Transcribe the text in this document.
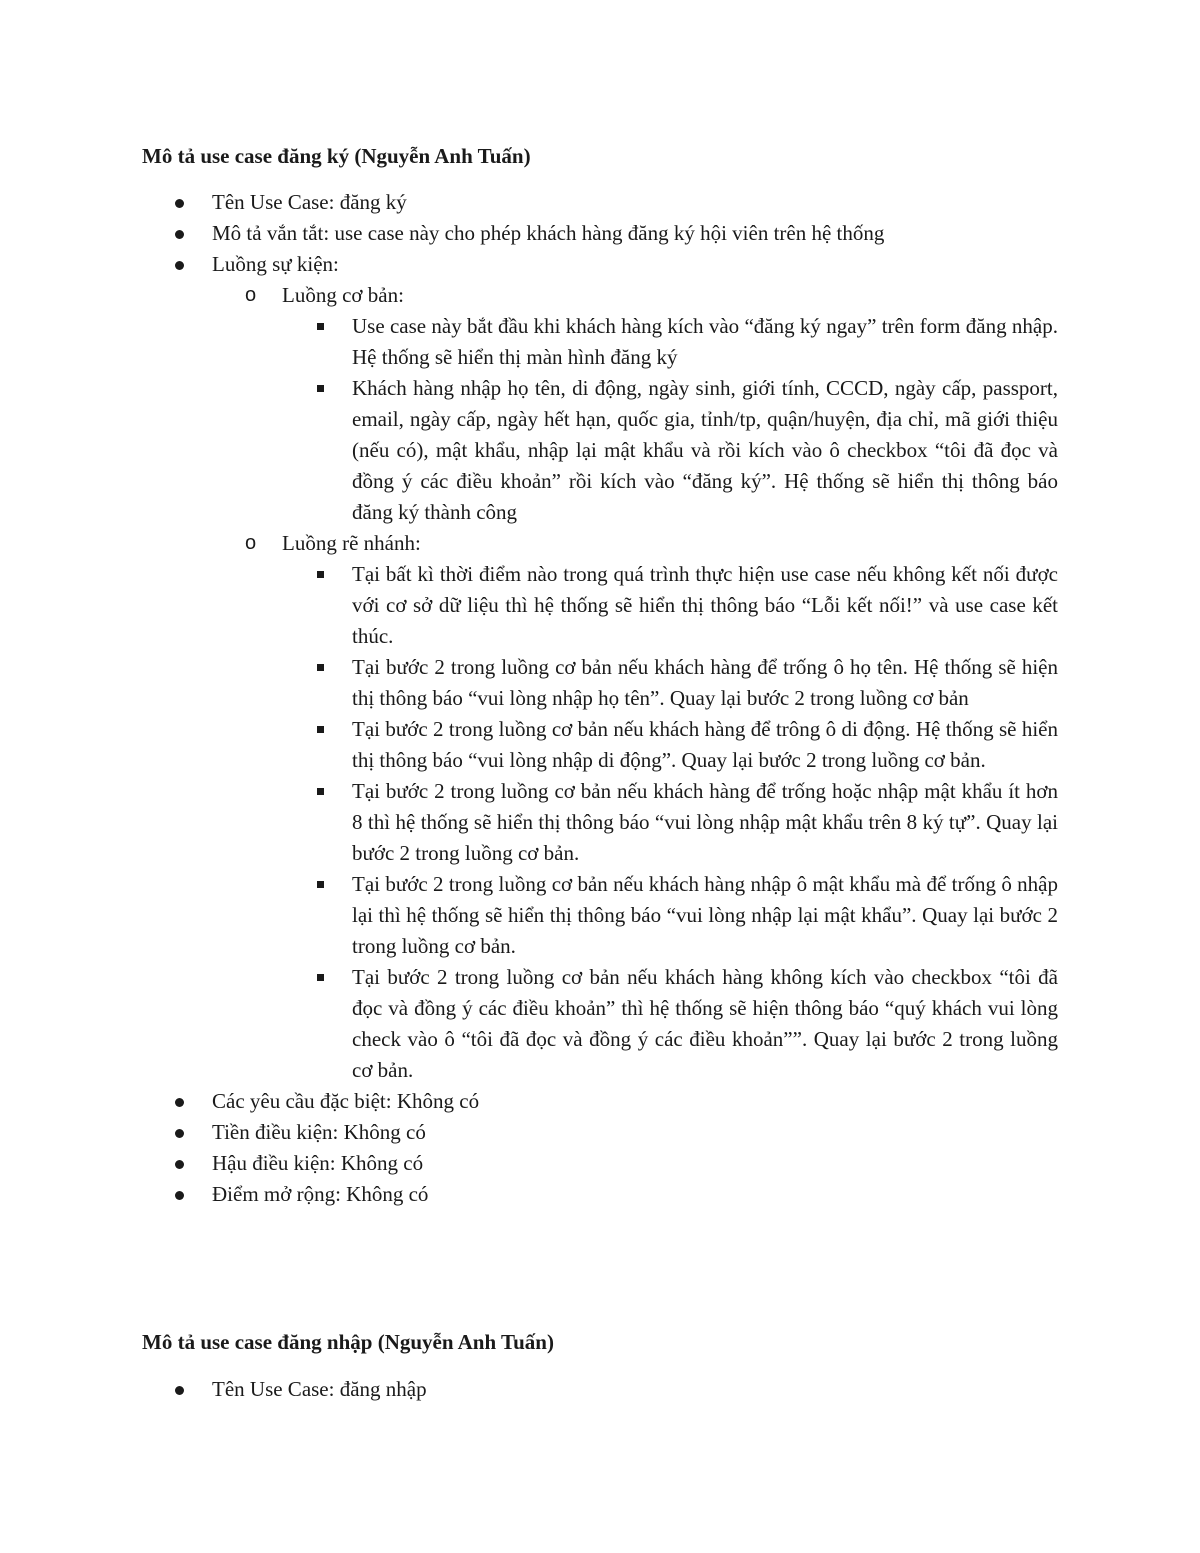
Mô tả use case đăng ký (Nguyễn Anh Tuấn)
Tên Use Case: đăng ký
Mô tả vắn tắt: use case này cho phép khách hàng đăng ký hội viên trên hệ thống
Luồng sự kiện:
o Luồng cơ bản:
Use case này bắt đầu khi khách hàng kích vào “đăng ký ngay” trên form đăng nhập. Hệ thống sẽ hiển thị màn hình đăng ký
Khách hàng nhập họ tên, di động, ngày sinh, giới tính, CCCD, ngày cấp, passport, email, ngày cấp, ngày hết hạn, quốc gia, tỉnh/tp, quận/huyện, địa chỉ, mã giới thiệu (nếu có), mật khẩu, nhập lại mật khẩu và rồi kích vào ô checkbox “tôi đã đọc và đồng ý các điều khoản” rồi kích vào “đăng ký”. Hệ thống sẽ hiển thị thông báo đăng ký thành công
o Luồng rẽ nhánh:
Tại bất kì thời điểm nào trong quá trình thực hiện use case nếu không kết nối được với cơ sở dữ liệu thì hệ thống sẽ hiển thị thông báo “Lỗi kết nối!” và use case kết thúc.
Tại bước 2 trong luồng cơ bản nếu khách hàng để trống ô họ tên. Hệ thống sẽ hiện thị thông báo “vui lòng nhập họ tên”. Quay lại bước 2 trong luồng cơ bản
Tại bước 2 trong luồng cơ bản nếu khách hàng để trông ô di động. Hệ thống sẽ hiển thị thông báo “vui lòng nhập di động”. Quay lại bước 2 trong luồng cơ bản.
Tại bước 2 trong luồng cơ bản nếu khách hàng để trống hoặc nhập mật khẩu ít hơn 8 thì hệ thống sẽ hiển thị thông báo “vui lòng nhập mật khẩu trên 8 ký tự”. Quay lại bước 2 trong luồng cơ bản.
Tại bước 2 trong luồng cơ bản nếu khách hàng nhập ô mật khẩu mà để trống ô nhập lại thì hệ thống sẽ hiển thị thông báo “vui lòng nhập lại mật khẩu”. Quay lại bước 2 trong luồng cơ bản.
Tại bước 2 trong luồng cơ bản nếu khách hàng không kích vào checkbox “tôi đã đọc và đồng ý các điều khoản” thì hệ thống sẽ hiện thông báo “quý khách vui lòng check vào ô “tôi đã đọc và đồng ý các điều khoản””. Quay lại bước 2 trong luồng cơ bản.
Các yêu cầu đặc biệt: Không có
Tiền điều kiện: Không có
Hậu điều kiện: Không có
Điểm mở rộng: Không có
Mô tả use case đăng nhập (Nguyễn Anh Tuấn)
Tên Use Case: đăng nhập
